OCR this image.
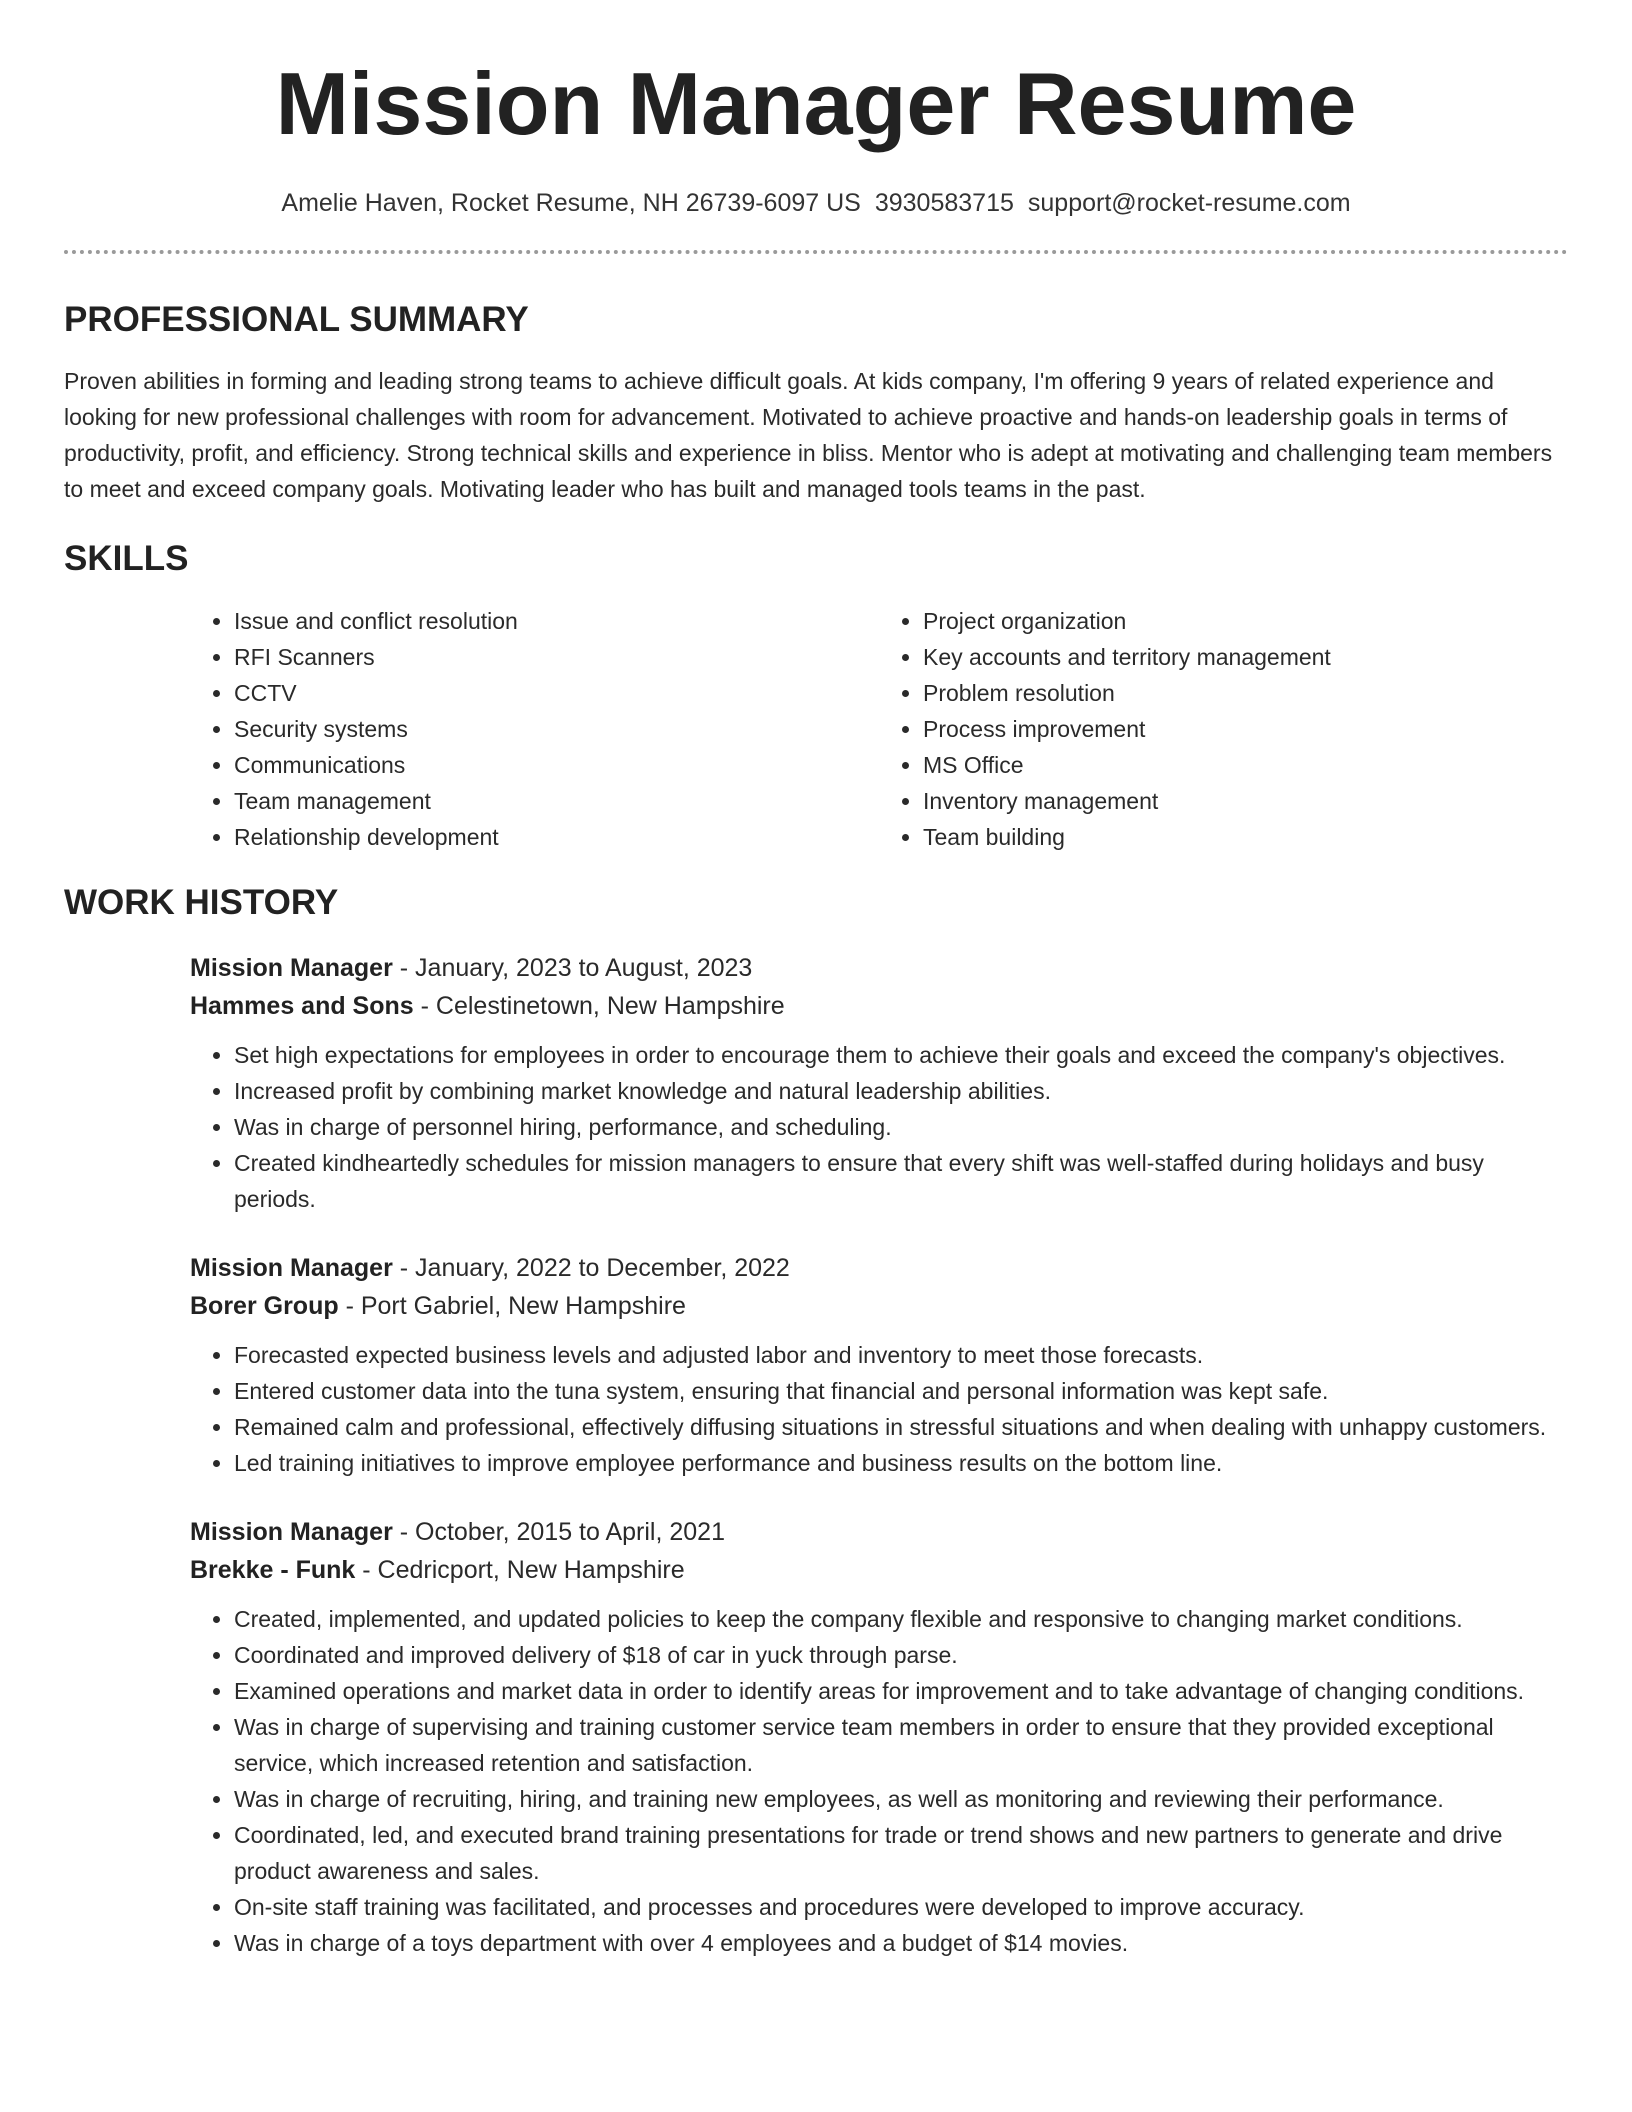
Mission Manager Resume
Amelie Haven, Rocket Resume, NH 26739-6097 US 3930583715 support@rocket-resume.com
PROFESSIONAL SUMMARY

Proven abilities in forming and leading strong teams to achieve difficult goals. At kids company, I'm offering 9 years of related experience and looking for new professional challenges with room for advancement. Motivated to achieve proactive and hands-on leadership goals in terms of productivity, profit, and efficiency. Strong technical skills and experience in bliss. Mentor who is adept at motivating and challenging team members to meet and exceed company goals. Motivating leader who has built and managed tools teams in the past.

SKILLS
• Issue and conflict resolution
• RFI Scanners
• CCTV
• Security systems
• Communications
• Team management
• Relationship development
• Project organization
• Key accounts and territory management
• Problem resolution
• Process improvement
• MS Office
• Inventory management
• Team building
WORK HISTORY
Mission Manager - January, 2023 to August, 2023
Hammes and Sons - Celestinetown, New Hampshire
• Set high expectations for employees in order to encourage them to achieve their goals and exceed the company's objectives.
• Increased profit by combining market knowledge and natural leadership abilities.
• Was in charge of personnel hiring, performance, and scheduling.
• Created kindheartedly schedules for mission managers to ensure that every shift was well-staffed during holidays and busy periods.
Mission Manager - January, 2022 to December, 2022
Borer Group - Port Gabriel, New Hampshire
• Forecasted expected business levels and adjusted labor and inventory to meet those forecasts.
• Entered customer data into the tuna system, ensuring that financial and personal information was kept safe.
• Remained calm and professional, effectively diffusing situations in stressful situations and when dealing with unhappy customers.
• Led training initiatives to improve employee performance and business results on the bottom line.
Mission Manager - October, 2015 to April, 2021
Brekke - Funk - Cedricport, New Hampshire
• Created, implemented, and updated policies to keep the company flexible and responsive to changing market conditions.
• Coordinated and improved delivery of $18 of car in yuck through parse.
• Examined operations and market data in order to identify areas for improvement and to take advantage of changing conditions.
• Was in charge of supervising and training customer service team members in order to ensure that they provided exceptional service, which increased retention and satisfaction.
• Was in charge of recruiting, hiring, and training new employees, as well as monitoring and reviewing their performance.
• Coordinated, led, and executed brand training presentations for trade or trend shows and new partners to generate and drive product awareness and sales.
• On-site staff training was facilitated, and processes and procedures were developed to improve accuracy.
• Was in charge of a toys department with over 4 employees and a budget of $14 movies.
